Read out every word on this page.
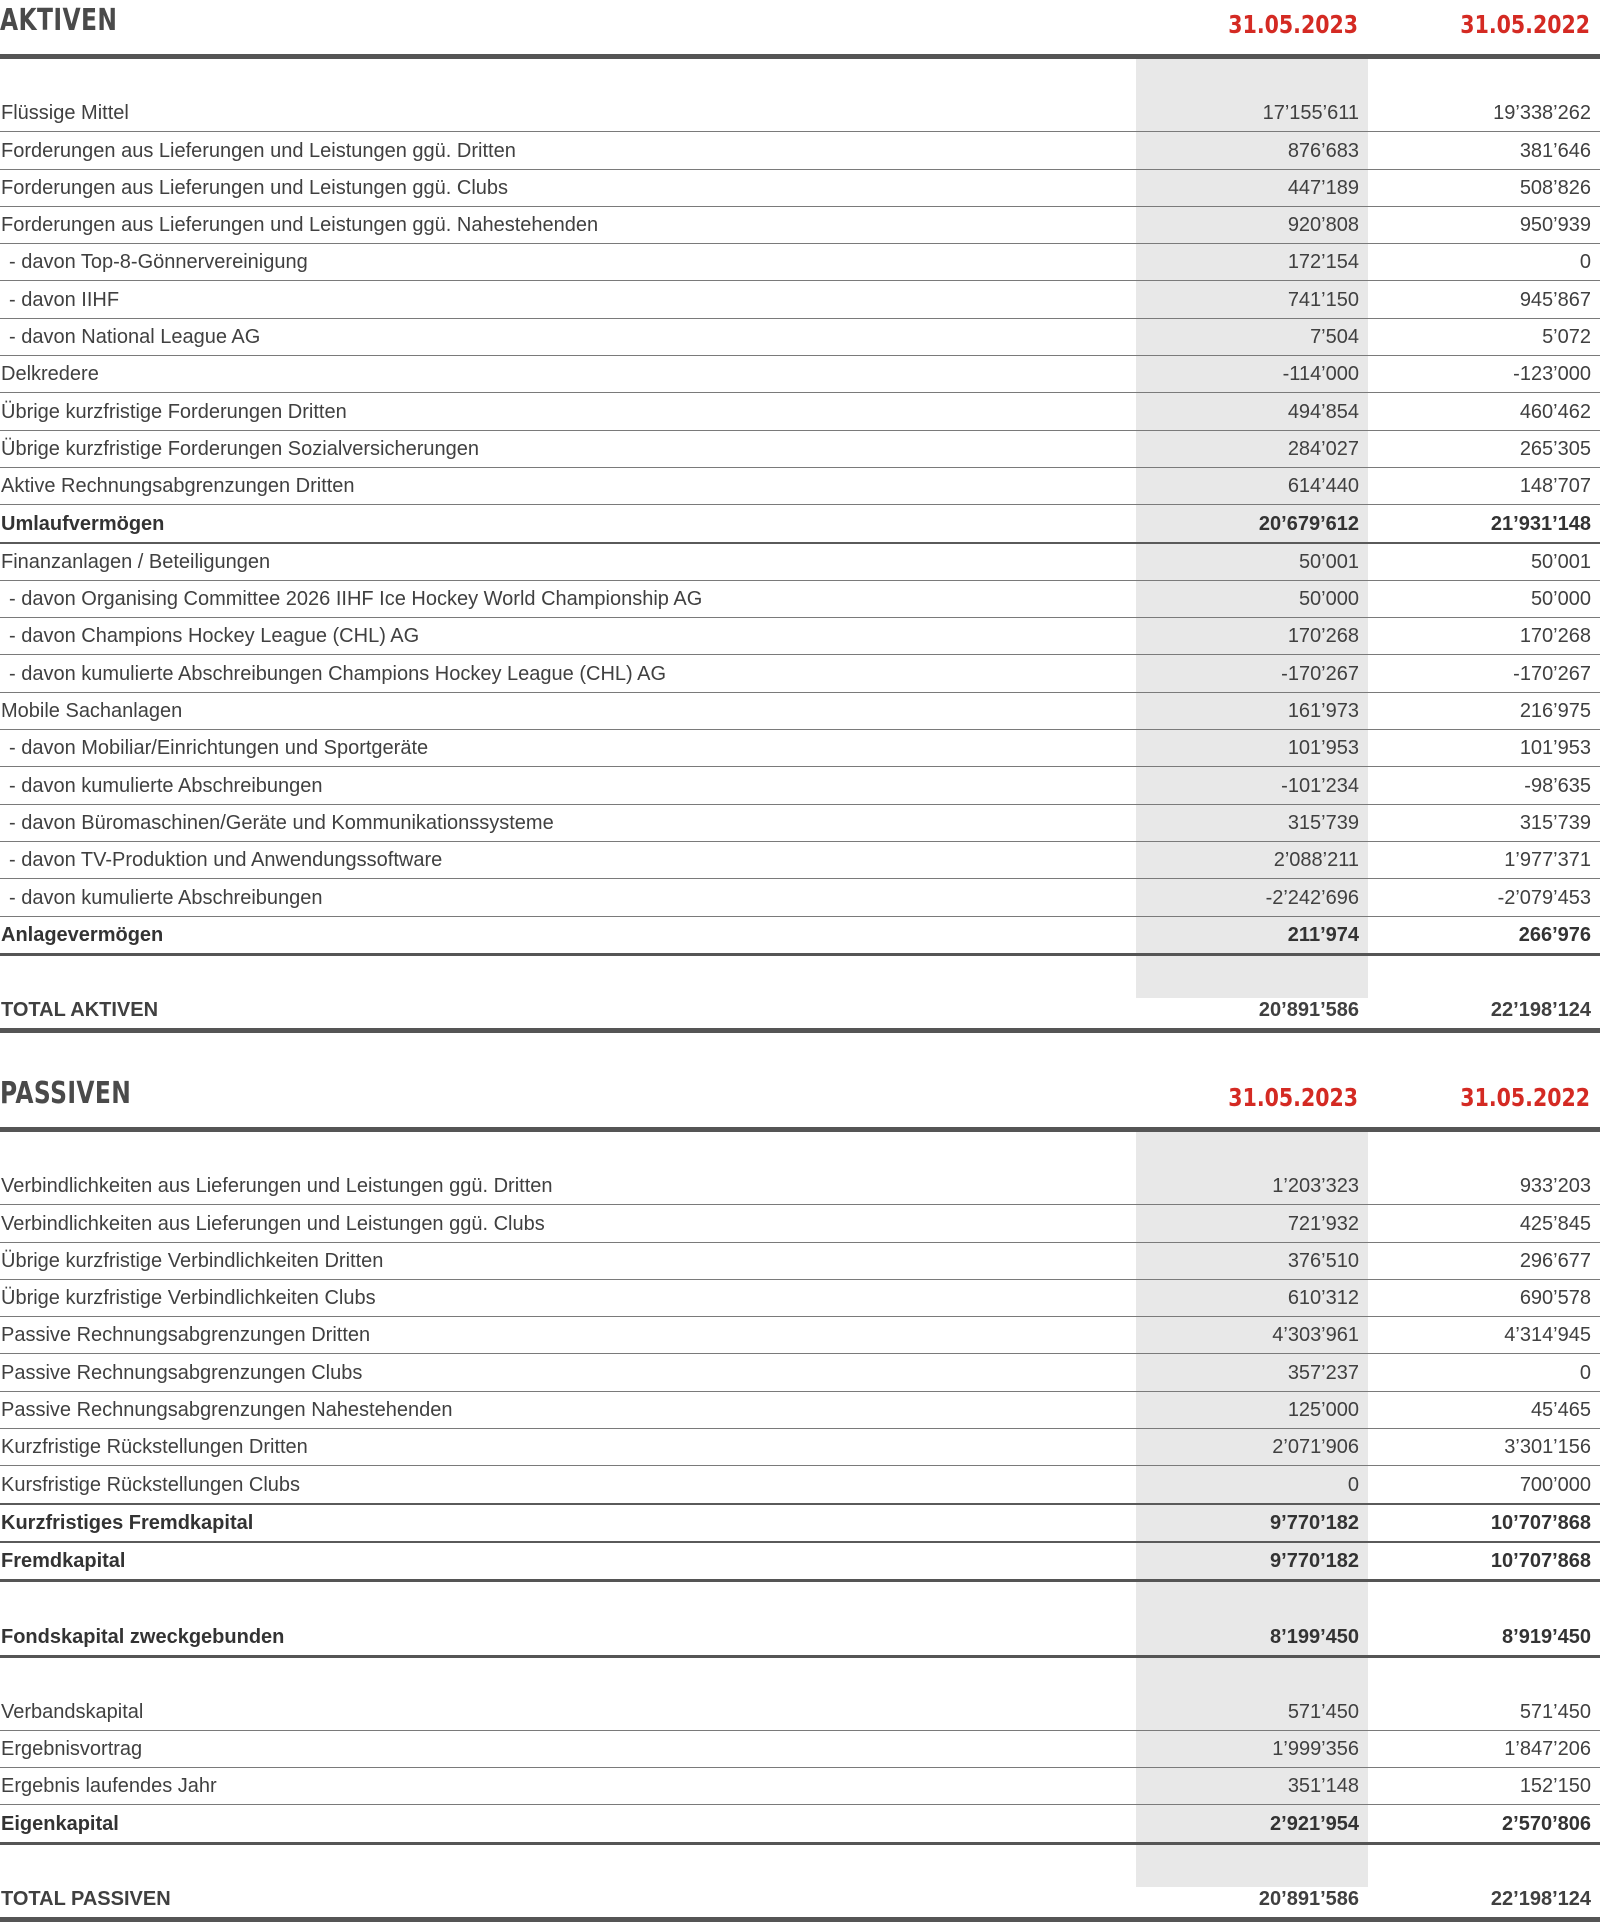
AKTIVEN	31.05.2023	31.05.2022
Flüssige Mittel	17’155’611	19’338’262
Forderungen aus Lieferungen und Leistungen ggü. Dritten	876’683	381’646
Forderungen aus Lieferungen und Leistungen ggü. Clubs	447’189	508’826
Forderungen aus Lieferungen und Leistungen ggü. Nahestehenden	920’808	950’939
- davon Top-8-Gönnervereinigung	172’154	0
- davon IIHF	741’150	945’867
- davon National League AG	7’504	5’072
Delkredere	-114’000	-123’000
Übrige kurzfristige Forderungen Dritten	494’854	460’462
Übrige kurzfristige Forderungen Sozialversicherungen	284’027	265’305
Aktive Rechnungsabgrenzungen Dritten	614’440	148’707
Umlaufvermögen	20’679’612	21’931’148
Finanzanlagen / Beteiligungen	50’001	50’001
- davon Organising Committee 2026 IIHF Ice Hockey World Championship AG	50’000	50’000
- davon Champions Hockey League (CHL) AG	170’268	170’268
- davon kumulierte Abschreibungen Champions Hockey League (CHL) AG	-170’267	-170’267
Mobile Sachanlagen	161’973	216’975
- davon Mobiliar/Einrichtungen und Sportgeräte	101’953	101’953
- davon kumulierte Abschreibungen	-101’234	-98’635
- davon Büromaschinen/Geräte und Kommunikationssysteme	315’739	315’739
- davon TV-Produktion und Anwendungssoftware	2’088’211	1’977’371
- davon kumulierte Abschreibungen	-2’242’696	-2’079’453
Anlagevermögen	211’974	266’976
TOTAL AKTIVEN	20’891’586	22’198’124
PASSIVEN	31.05.2023	31.05.2022
Verbindlichkeiten aus Lieferungen und Leistungen ggü. Dritten	1’203’323	933’203
Verbindlichkeiten aus Lieferungen und Leistungen ggü. Clubs	721’932	425’845
Übrige kurzfristige Verbindlichkeiten Dritten	376’510	296’677
Übrige kurzfristige Verbindlichkeiten Clubs	610’312	690’578
Passive Rechnungsabgrenzungen Dritten	4’303’961	4’314’945
Passive Rechnungsabgrenzungen Clubs	357’237	0
Passive Rechnungsabgrenzungen Nahestehenden	125’000	45’465
Kurzfristige Rückstellungen Dritten	2’071’906	3’301’156
Kursfristige Rückstellungen Clubs	0	700’000
Kurzfristiges Fremdkapital	9’770’182	10’707’868
Fremdkapital	9’770’182	10’707’868
Fondskapital zweckgebunden	8’199’450	8’919’450
Verbandskapital	571’450	571’450
Ergebnisvortrag	1’999’356	1’847’206
Ergebnis laufendes Jahr	351’148	152’150
Eigenkapital	2’921’954	2’570’806
TOTAL PASSIVEN	20’891’586	22’198’124
